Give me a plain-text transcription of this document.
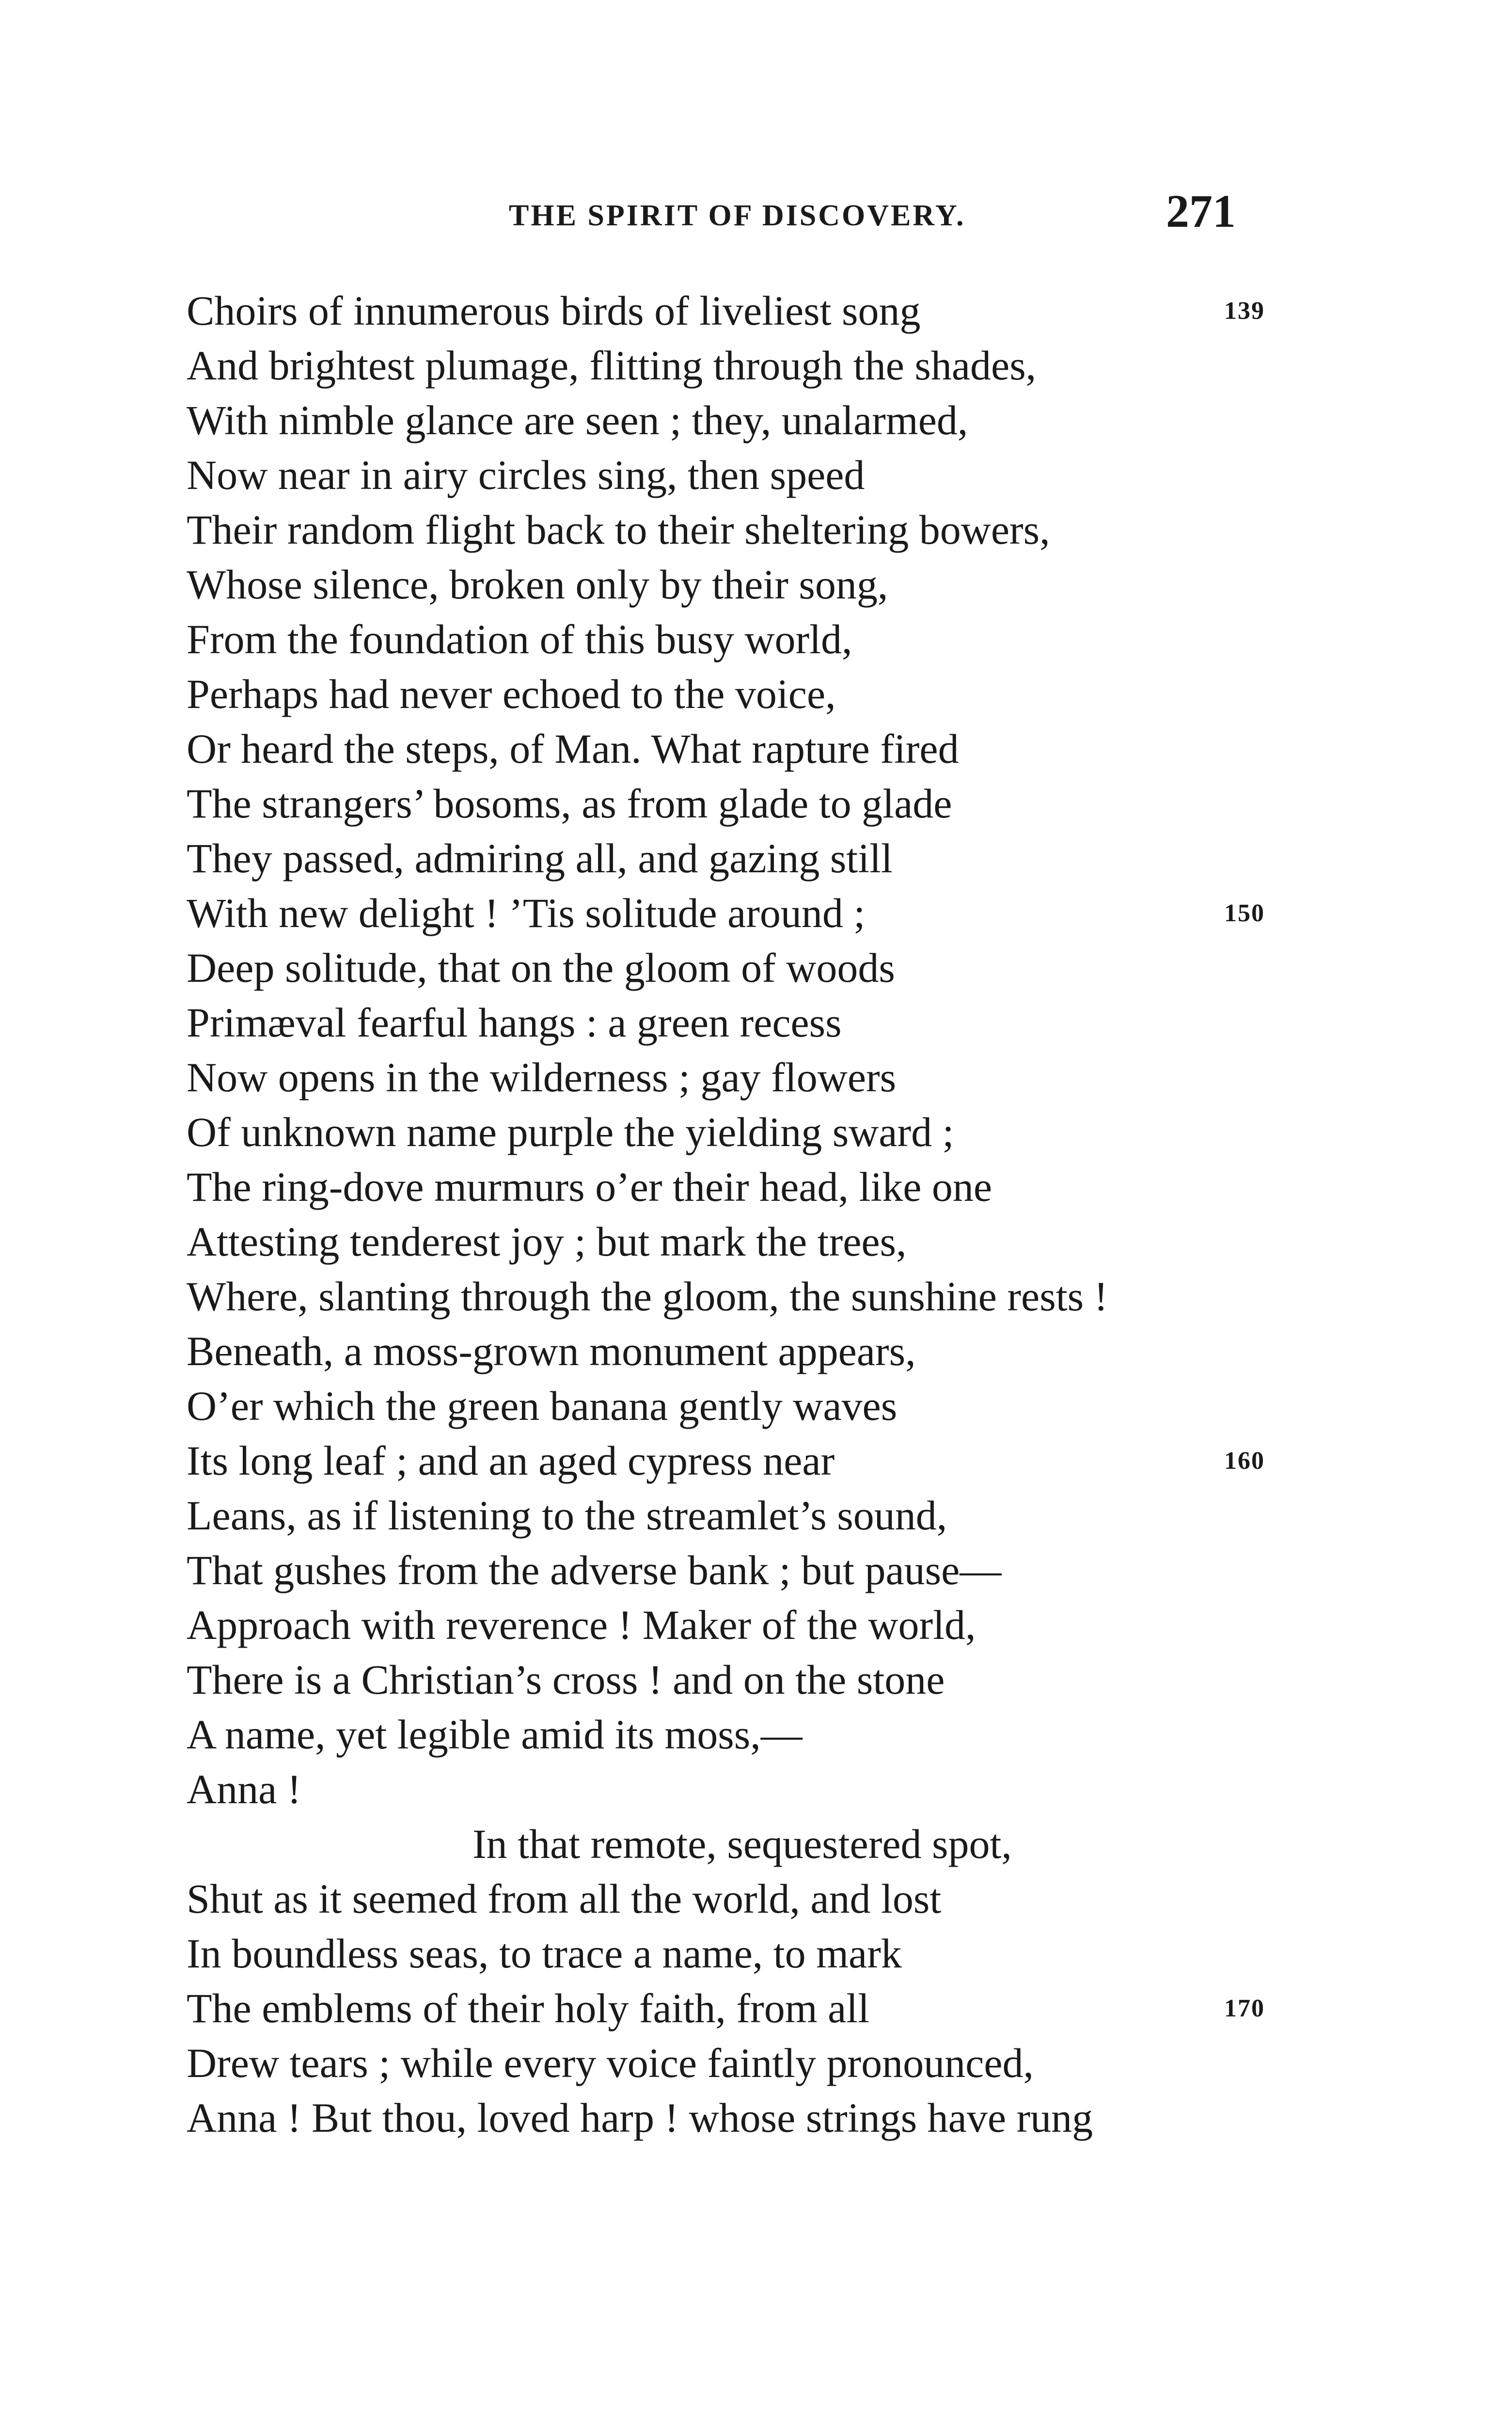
THE SPIRIT OF DISCOVERY.	271
Choirs of innumerous birds of liveliest song	139
And brightest plumage, flitting through the shades,
With nimble glance are seen ; they, unalarmed,
Now near in airy circles sing, then speed
Their random flight back to their sheltering bowers,
Whose silence, broken only by their song,
From the foundation of this busy world,
Perhaps had never echoed to the voice,
Or heard the steps, of Man. What rapture fired
The strangers’ bosoms, as from glade to glade
They passed, admiring all, and gazing still
With new delight ! ’Tis solitude around ;	150
Deep solitude, that on the gloom of woods
Primæval fearful hangs : a green recess
Now opens in the wilderness ; gay flowers
Of unknown name purple the yielding sward ;
The ring-dove murmurs o’er their head, like one
Attesting tenderest joy ; but mark the trees,
Where, slanting through the gloom, the sunshine rests !
Beneath, a moss-grown monument appears,
O’er which the green banana gently waves
Its long leaf ; and an aged cypress near	160
Leans, as if listening to the streamlet’s sound,
That gushes from the adverse bank ; but pause—
Approach with reverence ! Maker of the world,
There is a Christian’s cross ! and on the stone
A name, yet legible amid its moss,—
Anna !
In that remote, sequestered spot,
Shut as it seemed from all the world, and lost
In boundless seas, to trace a name, to mark
The emblems of their holy faith, from all	170
Drew tears ; while every voice faintly pronounced,
Anna ! But thou, loved harp ! whose strings have rung
